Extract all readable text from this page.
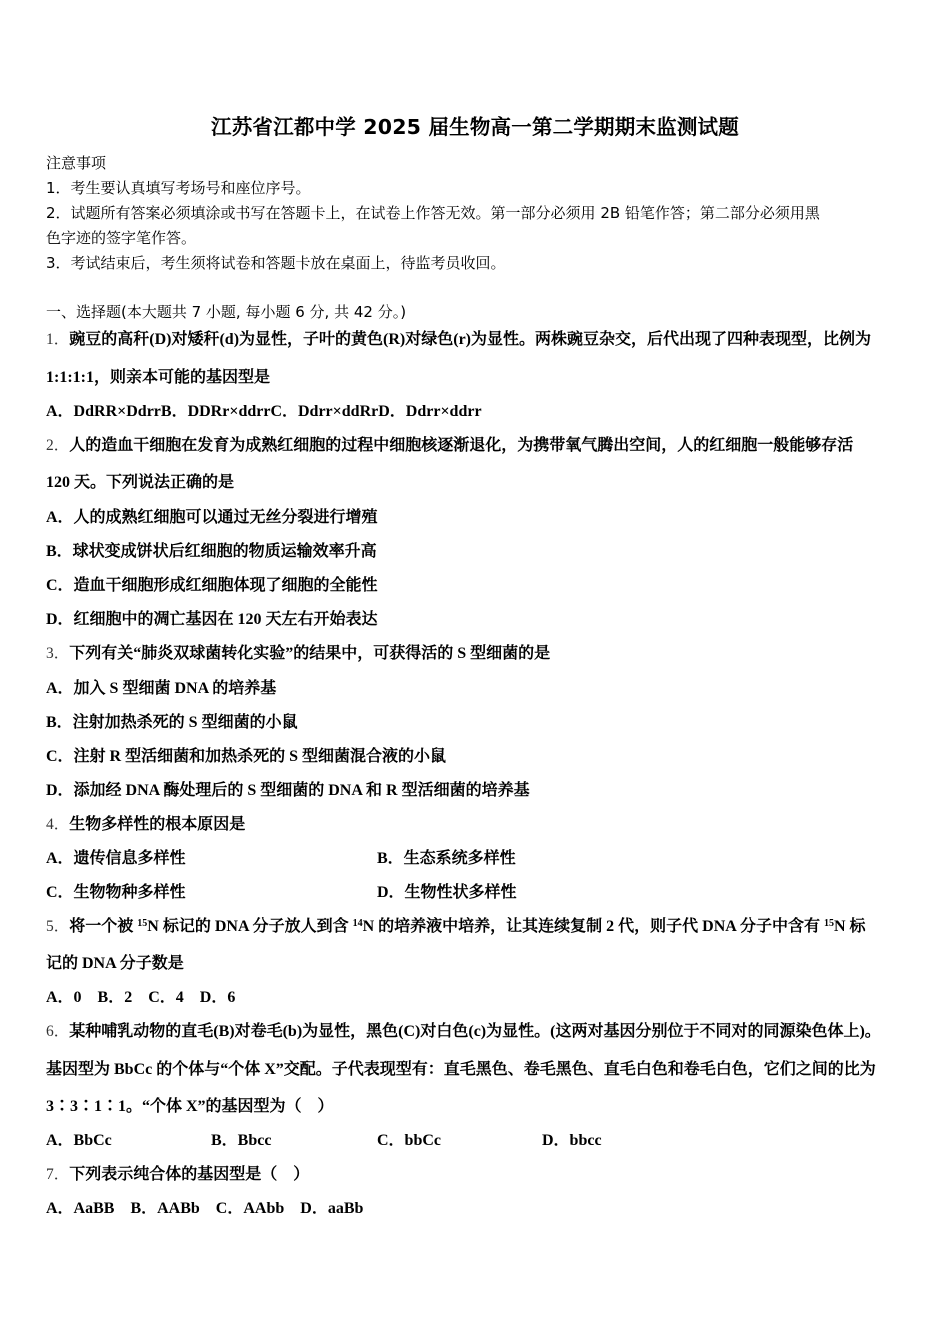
江苏省江都中学 2025 届生物高一第二学期期末监测试题
注意事项
1．考生要认真填写考场号和座位序号。
2．试题所有答案必须填涂或书写在答题卡上，在试卷上作答无效。第一部分必须用 2B 铅笔作答；第二部分必须用黑
色字迹的签字笔作答。
3．考试结束后，考生须将试卷和答题卡放在桌面上，待监考员收回。
一、选择题(本大题共 7 小题, 每小题 6 分, 共 42 分。)
1．豌豆的高秆(D)对矮秆(d)为显性，子叶的黄色(R)对绿色(r)为显性。两株豌豆杂交，后代出现了四种表现型，比例为
1:1:1:1，则亲本可能的基因型是
A．DdRR×DdrrB．DDRr×ddrrC．Ddrr×ddRrD．Ddrr×ddrr
2．人的造血干细胞在发育为成熟红细胞的过程中细胞核逐渐退化，为携带氧气腾出空间，人的红细胞一般能够存活
120 天。下列说法正确的是
A．人的成熟红细胞可以通过无丝分裂进行增殖
B．球状变成饼状后红细胞的物质运输效率升高
C．造血干细胞形成红细胞体现了细胞的全能性
D．红细胞中的凋亡基因在 120 天左右开始表达
3．下列有关“肺炎双球菌转化实验”的结果中，可获得活的 S 型细菌的是
A．加入 S 型细菌 DNA 的培养基
B．注射加热杀死的 S 型细菌的小鼠
C．注射 R 型活细菌和加热杀死的 S 型细菌混合液的小鼠
D．添加经 DNA 酶处理后的 S 型细菌的 DNA 和 R 型活细菌的培养基
4．生物多样性的根本原因是
A．遗传信息多样性	B．生态系统多样性
C．生物物种多样性	D．生物性状多样性
5．将一个被 $^{15}$N 标记的 DNA 分子放人到含 $^{14}$N 的培养液中培养，让其连续复制 2 代，则子代 DNA 分子中含有 $^{15}$N 标
记的 DNA 分子数是
A．0　B．2　C．4　D．6
6．某种哺乳动物的直毛(B)对卷毛(b)为显性，黑色(C)对白色(c)为显性。(这两对基因分别位于不同对的同源染色体上)。
基因型为 BbCc 的个体与“个体 X”交配。子代表现型有：直毛黑色、卷毛黑色、直毛白色和卷毛白色，它们之间的比为
3∶3∶1∶1。“个体 X”的基因型为（　）
A．BbCc	B．Bbcc	C．bbCc	D．bbcc
7．下列表示纯合体的基因型是（　）
A．AaBB　B．AABb　C．AAbb　D．aaBb
